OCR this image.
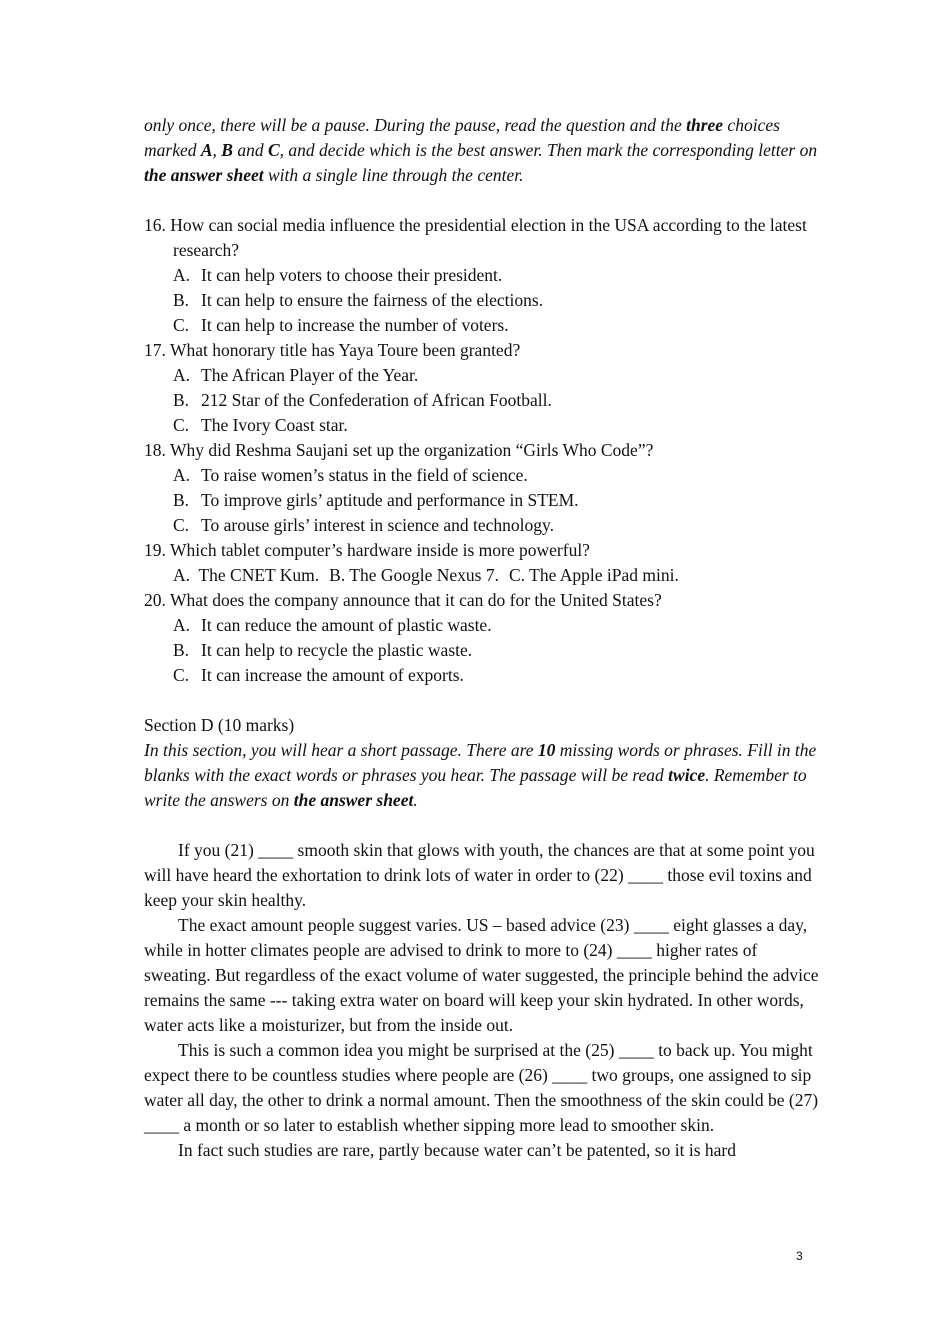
only once, there will be a pause. During the pause, read the question and the three choices marked A, B and C, and decide which is the best answer. Then mark the corresponding letter on the answer sheet with a single line through the center.

16. How can social media influence the presidential election in the USA according to the latest research?

A. It can help voters to choose their president.

B. It can help to ensure the fairness of the elections.

C. It can help to increase the number of voters.

17. What honorary title has Yaya Toure been granted?

A. The African Player of the Year.

B. 212 Star of the Confederation of African Football.

C. The Ivory Coast star.

18. Why did Reshma Saujani set up the organization “Girls Who Code”?

A. To raise women’s status in the field of science.

B. To improve girls’ aptitude and performance in STEM.

C. To arouse girls’ interest in science and technology.

19. Which tablet computer’s hardware inside is more powerful?

A. The CNET Kum. B. The Google Nexus 7. C. The Apple iPad mini.

20. What does the company announce that it can do for the United States?

A. It can reduce the amount of plastic waste.

B. It can help to recycle the plastic waste.

C. It can increase the amount of exports.

Section D (10 marks)

In this section, you will hear a short passage. There are 10 missing words or phrases. Fill in the blanks with the exact words or phrases you hear. The passage will be read twice. Remember to write the answers on the answer sheet.

If you (21) ____ smooth skin that glows with youth, the chances are that at some point you will have heard the exhortation to drink lots of water in order to (22) ____ those evil toxins and keep your skin healthy.

The exact amount people suggest varies. US – based advice (23) ____ eight glasses a day, while in hotter climates people are advised to drink to more to (24) ____ higher rates of sweating. But regardless of the exact volume of water suggested, the principle behind the advice remains the same --- taking extra water on board will keep your skin hydrated. In other words, water acts like a moisturizer, but from the inside out.

This is such a common idea you might be surprised at the (25) ____ to back up. You might expect there to be countless studies where people are (26) ____ two groups, one assigned to sip water all day, the other to drink a normal amount. Then the smoothness of the skin could be (27) ____ a month or so later to establish whether sipping more lead to smoother skin.

In fact such studies are rare, partly because water can’t be patented, so it is hard

3
